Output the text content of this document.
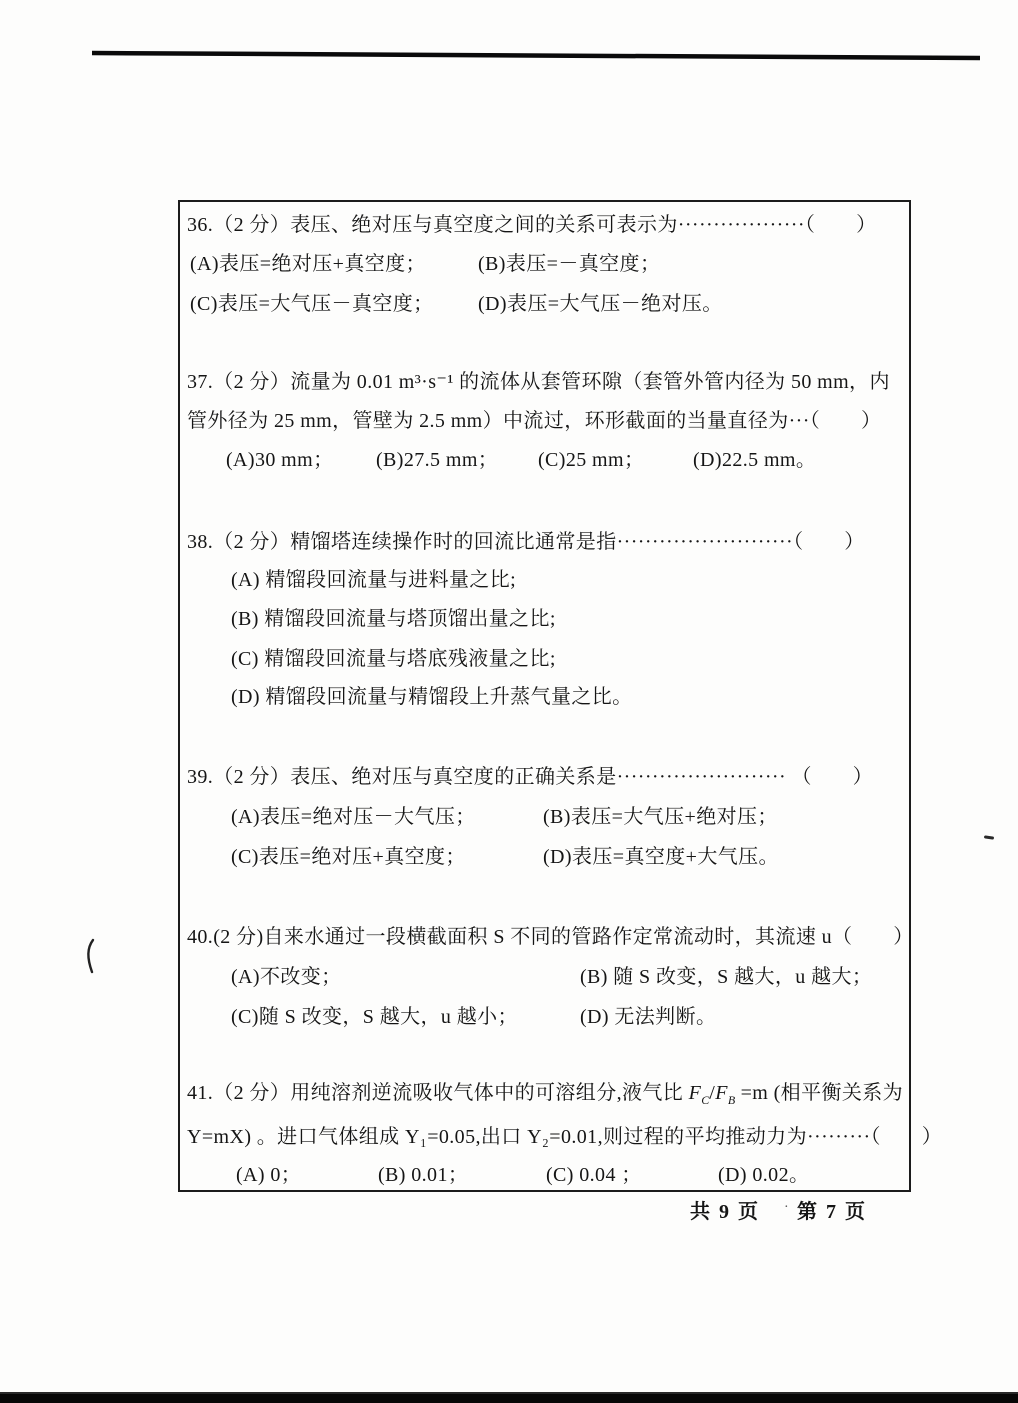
36.（2 分）表压、绝对压与真空度之间的关系可表示为··················（　　）
(A)表压=绝对压+真空度；	(B)表压=－真空度；
(C)表压=大气压－真空度； (D)表压=大气压－绝对压。
37.（2 分）流量为 0.01 m³·s⁻¹ 的流体从套管环隙（套管外管内径为 50 mm，内
管外径为 25 mm，管壁为 2.5 mm）中流过，环形截面的当量直径为···（　　）
(A)30 mm； (B)27.5 mm； (C)25 mm； (D)22.5 mm。
38.（2 分）精馏塔连续操作时的回流比通常是指·························（　　）
(A) 精馏段回流量与进料量之比;
(B) 精馏段回流量与塔顶馏出量之比;
(C) 精馏段回流量与塔底残液量之比;
(D) 精馏段回流量与精馏段上升蒸气量之比。
39.（2 分）表压、绝对压与真空度的正确关系是························ （　　）
(A)表压=绝对压－大气压；	(B)表压=大气压+绝对压；
(C)表压=绝对压+真空度；	(D)表压=真空度+大气压。
40.(2 分)自来水通过一段横截面积 S 不同的管路作定常流动时，其流速 u（　　）
(A)不改变；	(B) 随 S 改变，S 越大，u 越大；
(C)随 S 改变，S 越大，u 越小；	(D) 无法判断。
41.（2 分）用纯溶剂逆流吸收气体中的可溶组分,液气比 $F_C/F_B =m$ (相平衡关系为
Y=mX) 。进口气体组成 Y₁=0.05,出口 Y₂=0.01,则过程的平均推动力为·········（　　）
(A) 0；	(B) 0.01；	(C) 0.04 ；	(D) 0.02。
共 9 页 · 第 7 页
